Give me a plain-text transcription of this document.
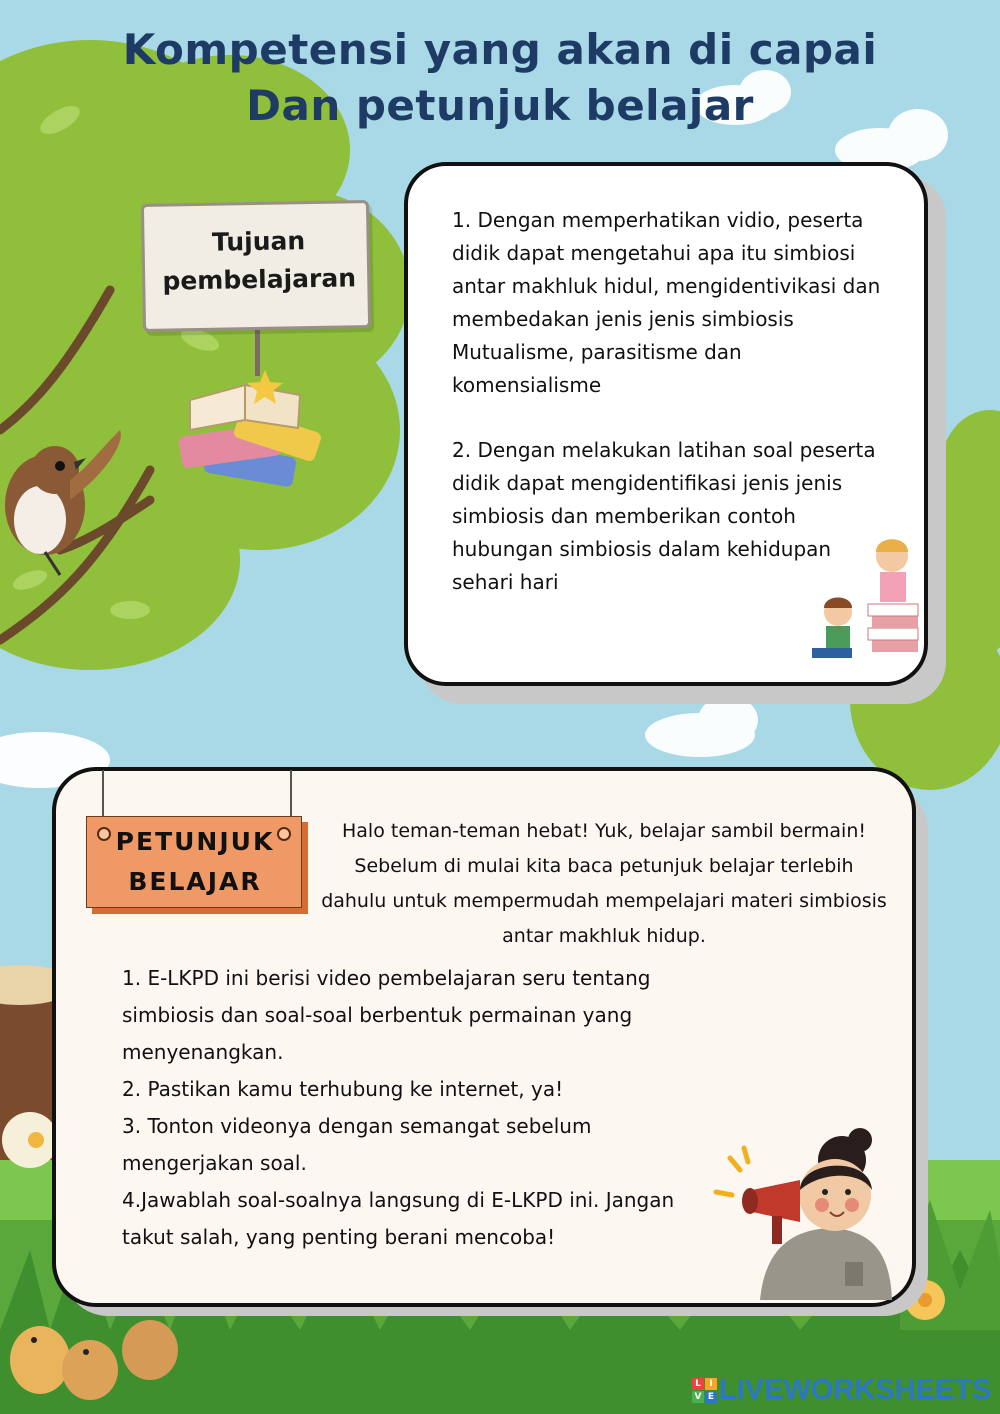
Kompetensi yang akan di capai
Dan petunjuk belajar
Tujuan
pembelajaran

1. Dengan memperhatikan vidio, peserta
didik dapat mengetahui apa itu simbiosi
antar makhluk hidul, mengidentivikasi dan
membedakan jenis jenis simbiosis
Mutualisme, parasitisme dan
komensialisme

2. Dengan melakukan latihan soal peserta
didik dapat mengidentifikasi jenis jenis
simbiosis dan memberikan contoh
hubungan simbiosis dalam kehidupan
sehari hari

PETUNJUK
BELAJAR

Halo teman-teman hebat! Yuk, belajar sambil bermain!
Sebelum di mulai kita baca petunjuk belajar terlebih
dahulu untuk mempermudah mempelajari materi simbiosis
antar makhluk hidup.

1. E-LKPD ini berisi video pembelajaran seru tentang
simbiosis dan soal-soal berbentuk permainan yang
menyenangkan.
2. Pastikan kamu terhubung ke internet, ya!
3. Tonton videonya dengan semangat sebelum
mengerjakan soal.
4.Jawablah soal-soalnya langsung di E-LKPD ini. Jangan
takut salah, yang penting berani mencoba!

L I
V E LIVEWORKSHEETS
